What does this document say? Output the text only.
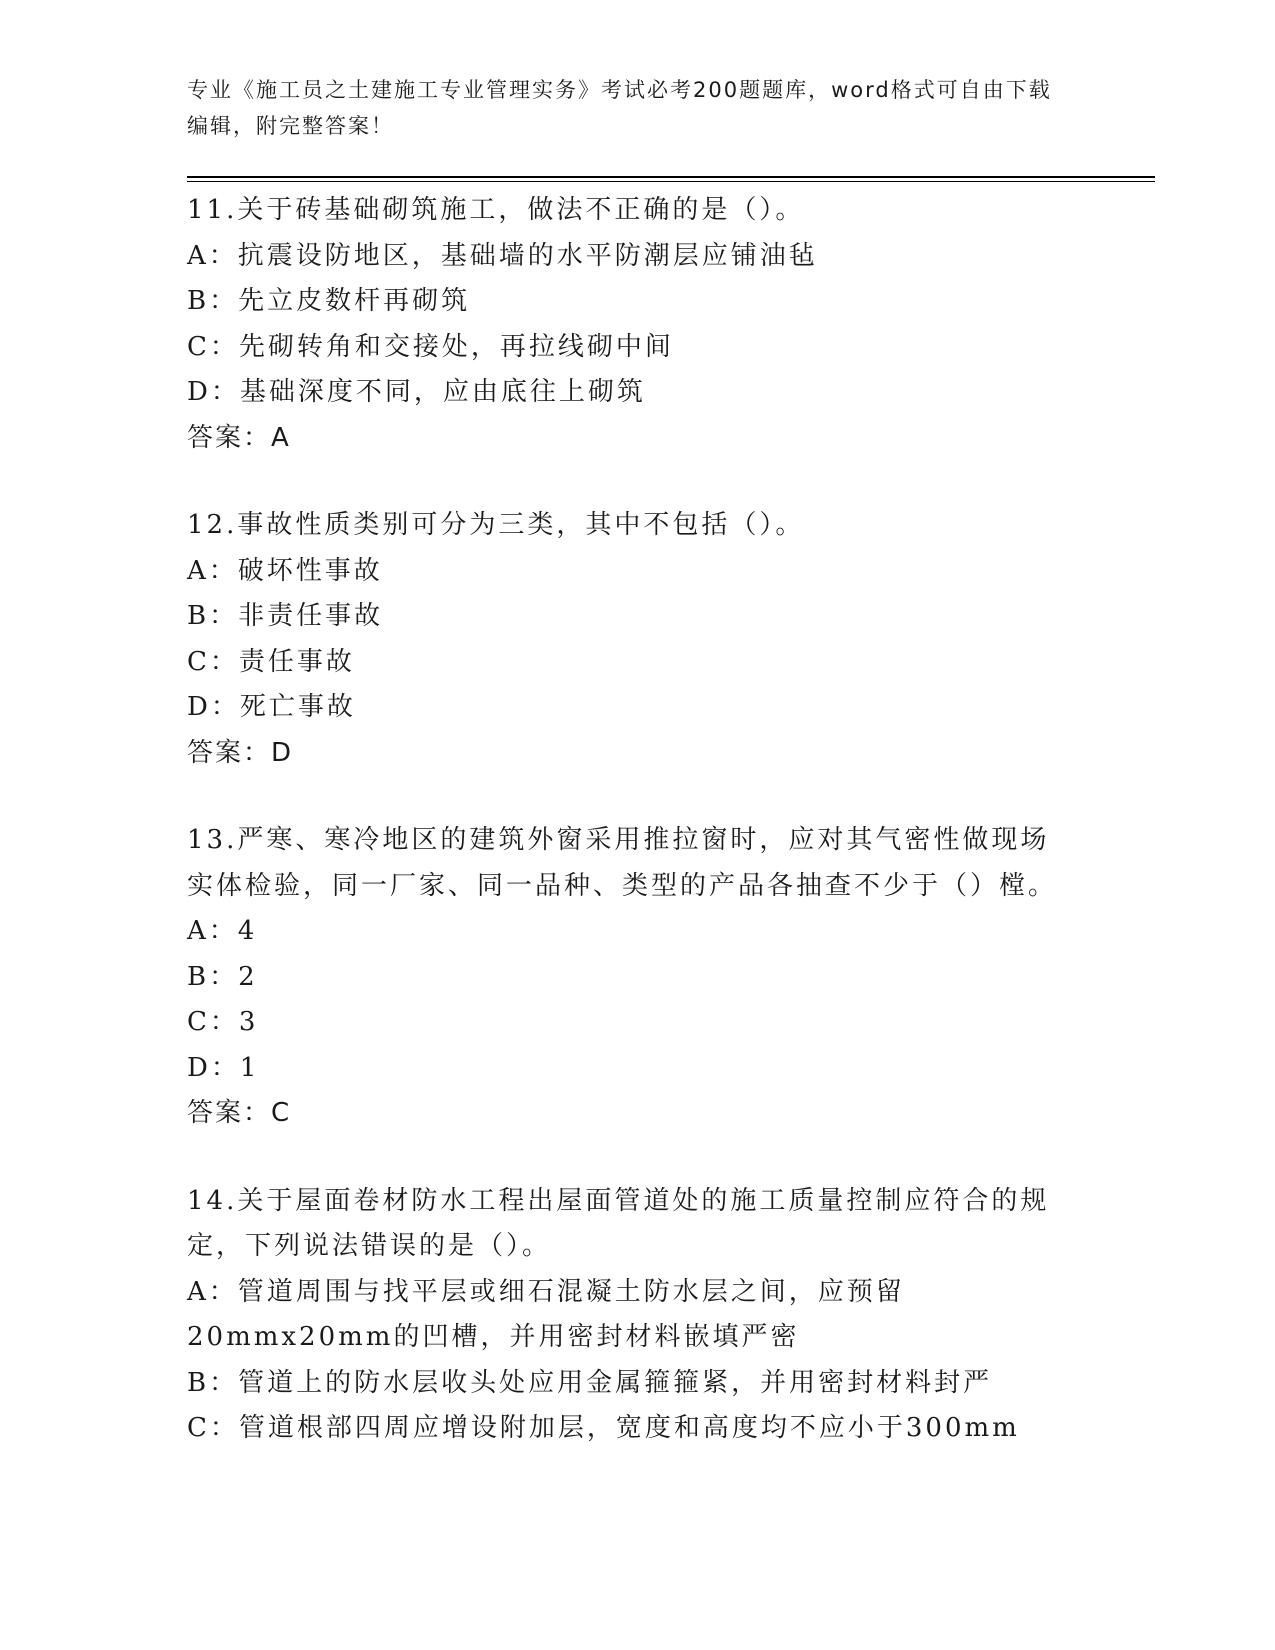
专业《施工员之土建施工专业管理实务》考试必考200题题库，word格式可自由下载编辑，附完整答案！

11.关于砖基础砌筑施工，做法不正确的是（）。

A：抗震设防地区，基础墙的水平防潮层应铺油毡

B：先立皮数杆再砌筑

C：先砌转角和交接处，再拉线砌中间

D：基础深度不同，应由底往上砌筑

答案：A

12.事故性质类别可分为三类，其中不包括（）。

A：破坏性事故

B：非责任事故

C：责任事故

D：死亡事故

答案：D

13.严寒、寒冷地区的建筑外窗采用推拉窗时，应对其气密性做现场实体检验，同一厂家、同一品种、类型的产品各抽查不少于（）樘。

A：4

B：2

C：3

D：1

答案：C

14.关于屋面卷材防水工程出屋面管道处的施工质量控制应符合的规定，下列说法错误的是（）。

A：管道周围与找平层或细石混凝土防水层之间，应预留20mmx20mm的凹槽，并用密封材料嵌填严密

B：管道上的防水层收头处应用金属箍箍紧，并用密封材料封严

C：管道根部四周应增设附加层，宽度和高度均不应小于300mm
